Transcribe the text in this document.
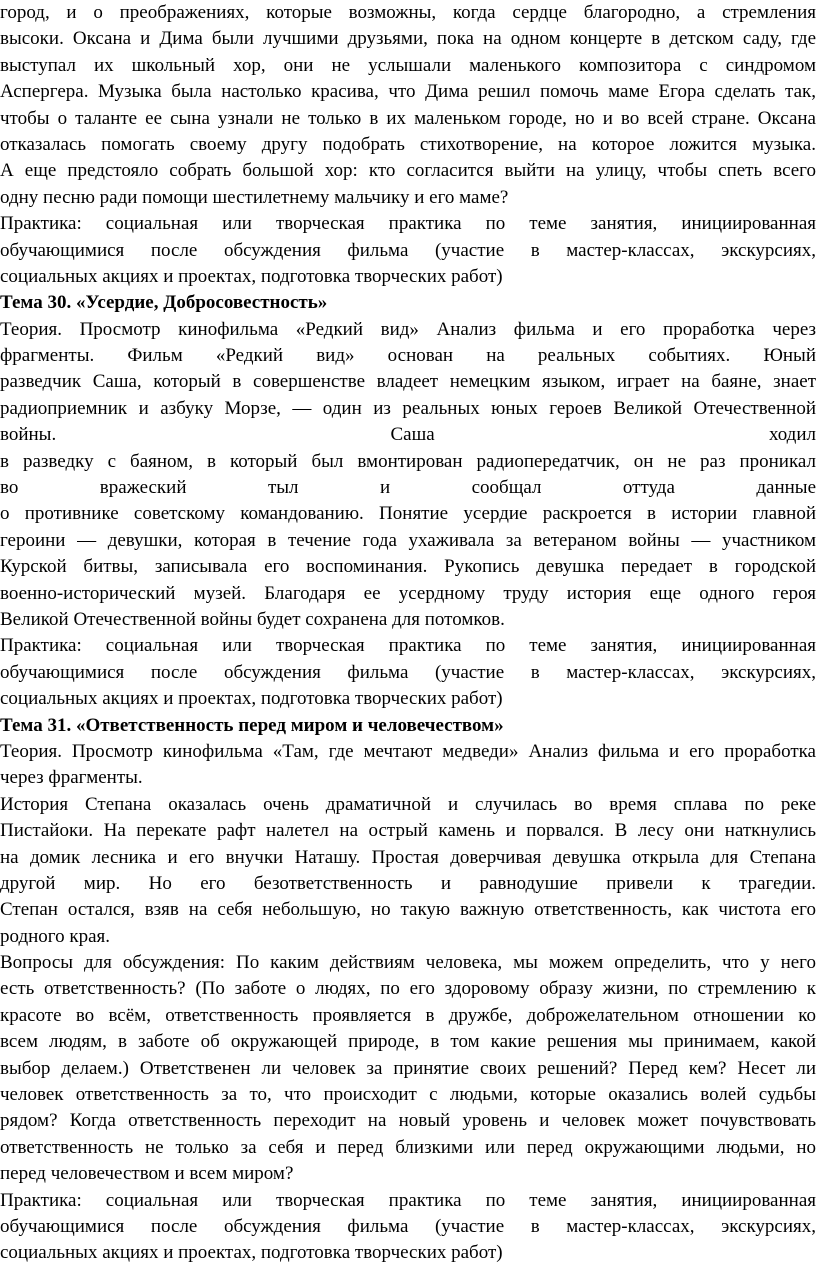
город, и о преображениях, которые возможны, когда сердце благородно, а стремления

высоки. Оксана и Дима были лучшими друзьями, пока на одном концерте в детском саду, где

выступал их школьный хор, они не услышали маленького композитора с синдромом

Аспергера. Музыка была настолько красива, что Дима решил помочь маме Егора сделать так,

чтобы о таланте ее сына узнали не только в их маленьком городе, но и во всей стране. Оксана

отказалась помогать своему другу подобрать стихотворение, на которое ложится музыка.

А еще предстояло собрать большой хор: кто согласится выйти на улицу, чтобы спеть всего

одну песню ради помощи шестилетнему мальчику и его маме?

Практика: социальная или творческая практика по теме занятия, инициированная

обучающимися после обсуждения фильма (участие в мастер-классах, экскурсиях,

социальных акциях и проектах, подготовка творческих работ)

Тема 30. «Усердие, Добросовестность»

Теория. Просмотр кинофильма «Редкий вид» Анализ фильма и его проработка через

фрагменты. Фильм «Редкий вид» основан на реальных событиях. Юный

разведчик Саша, который в совершенстве владеет немецким языком, играет на баяне, знает

радиоприемник и азбуку Морзе, — один из реальных юных героев Великой Отечественной

войны. Саша ходил

в разведку с баяном, в который был вмонтирован радиопередатчик, он не раз проникал

во вражеский тыл и сообщал оттуда данные

о противнике советскому командованию. Понятие усердие раскроется в истории главной

героини — девушки, которая в течение года ухаживала за ветераном войны — участником

Курской битвы, записывала его воспоминания. Рукопись девушка передает в городской

военно-исторический музей. Благодаря ее усердному труду история еще одного героя

Великой Отечественной войны будет сохранена для потомков.

Практика: социальная или творческая практика по теме занятия, инициированная

обучающимися после обсуждения фильма (участие в мастер-классах, экскурсиях,

социальных акциях и проектах, подготовка творческих работ)

Тема 31. «Ответственность перед миром и человечеством»

Теория. Просмотр кинофильма «Там, где мечтают медведи» Анализ фильма и его проработка

через фрагменты.

История Степана оказалась очень драматичной и случилась во время сплава по реке

Пистайоки. На перекате рафт налетел на острый камень и порвался. В лесу они наткнулись

на домик лесника и его внучки Наташу. Простая доверчивая девушка открыла для Степана

другой мир. Но его безответственность и равнодушие привели к трагедии.

Степан остался, взяв на себя небольшую, но такую важную ответственность, как чистота его

родного края.

Вопросы для обсуждения: По каким действиям человека, мы можем определить, что у него

есть ответственность? (По заботе о людях, по его здоровому образу жизни, по стремлению к

красоте во всём, ответственность проявляется в дружбе, доброжелательном отношении ко

всем людям, в заботе об окружающей природе, в том какие решения мы принимаем, какой

выбор делаем.) Ответственен ли человек за принятие своих решений? Перед кем? Несет ли

человек ответственность за то, что происходит с людьми, которые оказались волей судьбы

рядом? Когда ответственность переходит на новый уровень и человек может почувствовать

ответственность не только за себя и перед близкими или перед окружающими людьми, но

перед человечеством и всем миром?

Практика: социальная или творческая практика по теме занятия, инициированная

обучающимися после обсуждения фильма (участие в мастер-классах, экскурсиях,

социальных акциях и проектах, подготовка творческих работ)
